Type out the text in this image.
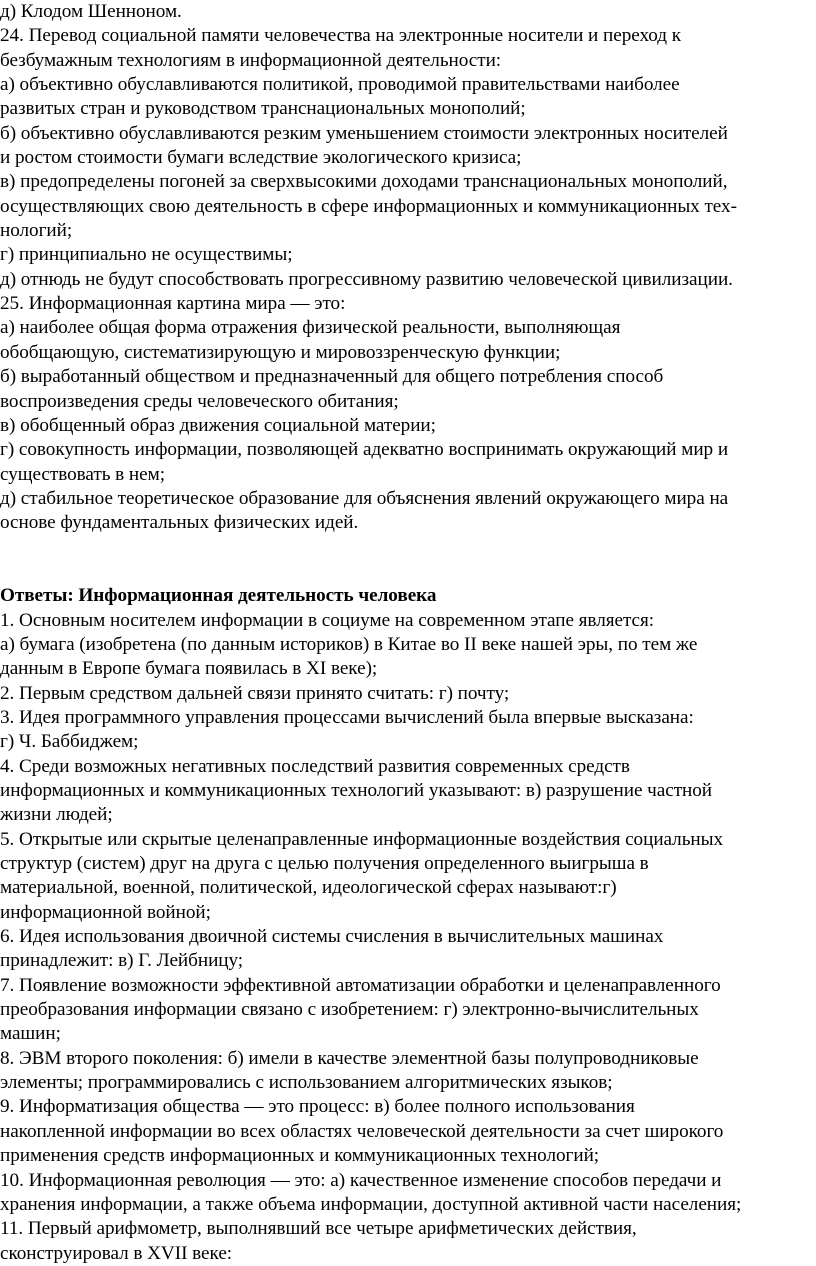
д) Клодом Шенноном.
24. Перевод социальной памяти человечества на электронные носители и переход к
безбумажным технологиям в информационной деятельности:
а) объективно обуславливаются политикой, проводимой правительствами наиболее
развитых стран и руководством транснациональных монополий;
б) объективно обуславливаются резким уменьшением стоимости электронных носителей
и ростом стоимости бумаги вследствие экологического кризиса;
в) предопределены погоней за сверхвысокими доходами транснациональных монополий,
осуществляющих свою деятельность в сфере информационных и коммуникационных тех-
нологий;
г) принципиально не осуществимы;
д) отнюдь не будут способствовать прогрессивному развитию человеческой цивилизации.
25. Информационная картина мира — это:
а) наиболее общая форма отражения физической реальности, выполняющая
обобщающую, систематизирующую и мировоззренческую функции;
б) выработанный обществом и предназначенный для общего потребления способ
воспроизведения среды человеческого обитания;
в) обобщенный образ движения социальной материи;
г) совокупность информации, позволяющей адекватно воспринимать окружающий мир и
существовать в нем;
д) стабильное теоретическое образование для объяснения явлений окружающего мира на
основе фундаментальных физических идей.
Ответы: Информационная деятельность человека
1. Основным носителем информации в социуме на современном этапе является:
а) бумага (изобретена (по данным историков) в Китае во II веке нашей эры, по тем же
данным в Европе бумага появилась в XI веке);
2. Первым средством дальней связи принято считать: г) почту;
3. Идея программного управления процессами вычислений была впервые высказана:
г) Ч. Баббиджем;
4. Среди возможных негативных последствий развития современных средств
информационных и коммуникационных технологий указывают: в) разрушение частной
жизни людей;
5. Открытые или скрытые целенаправленные информационные воздействия социальных
структур (систем) друг на друга с целью получения определенного выигрыша в
материальной, военной, политической, идеологической сферах называют:г)
информационной войной;
6. Идея использования двоичной системы счисления в вычислительных машинах
принадлежит: в) Г. Лейбницу;
7. Появление возможности эффективной автоматизации обработки и целенаправленного
преобразования информации связано с изобретением: г) электронно-вычислительных
машин;
8. ЭВМ второго поколения: б) имели в качестве элементной базы полупроводниковые
элементы; программировались с использованием алгоритмических языков;
9. Информатизация общества — это процесс: в) более полного использования
накопленной информации во всех областях человеческой деятельности за счет широкого
применения средств информационных и коммуникационных технологий;
10. Информационная революция — это: а) качественное изменение способов передачи и
хранения информации, а также объема информации, доступной активной части населения;
11. Первый арифмометр, выполнявший все четыре арифметических действия,
сконструировал в XVII веке:
